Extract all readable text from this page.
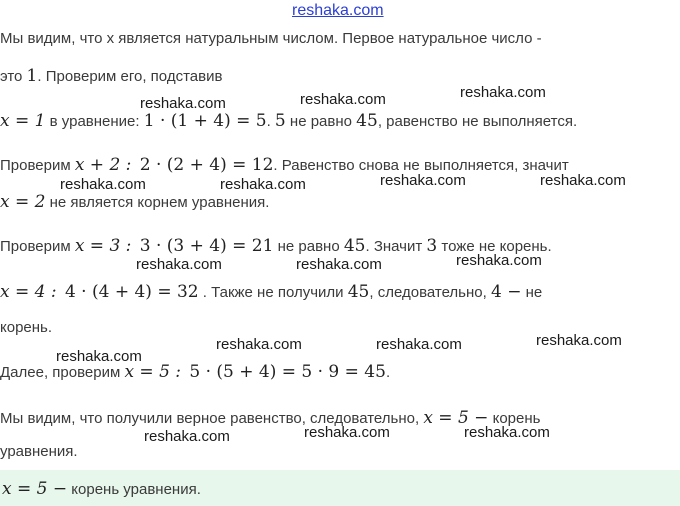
reshaka.com
Мы видим, что x является натуральным числом. Первое натуральное число -
это 1. Проверим его, подставив
x = 1 в уравнение: 1 · (1 + 4) = 5. 5 не равно 45, равенство не выполняется.
Проверим x + 2 : 2 · (2 + 4) = 12. Равенство снова не выполняется, значит
x = 2 не является корнем уравнения.
Проверим x = 3 : 3 · (3 + 4) = 21 не равно 45. Значит 3 тоже не корень.
x = 4 : 4 · (4 + 4) = 32 . Также не получили 45, следовательно, 4 − не
корень.
Далее, проверим x = 5 : 5 · (5 + 4) = 5 · 9 = 45.
Мы видим, что получили верное равенство, следовательно, x = 5 − корень
уравнения.
x = 5 − корень уравнения.
reshaka.com	reshaka.com	reshaka.com
reshaka.com	reshaka.com	reshaka.com	reshaka.com
reshaka.com	reshaka.com	reshaka.com
reshaka.com	reshaka.com	reshaka.com
reshaka.com
reshaka.com	reshaka.com	reshaka.com
